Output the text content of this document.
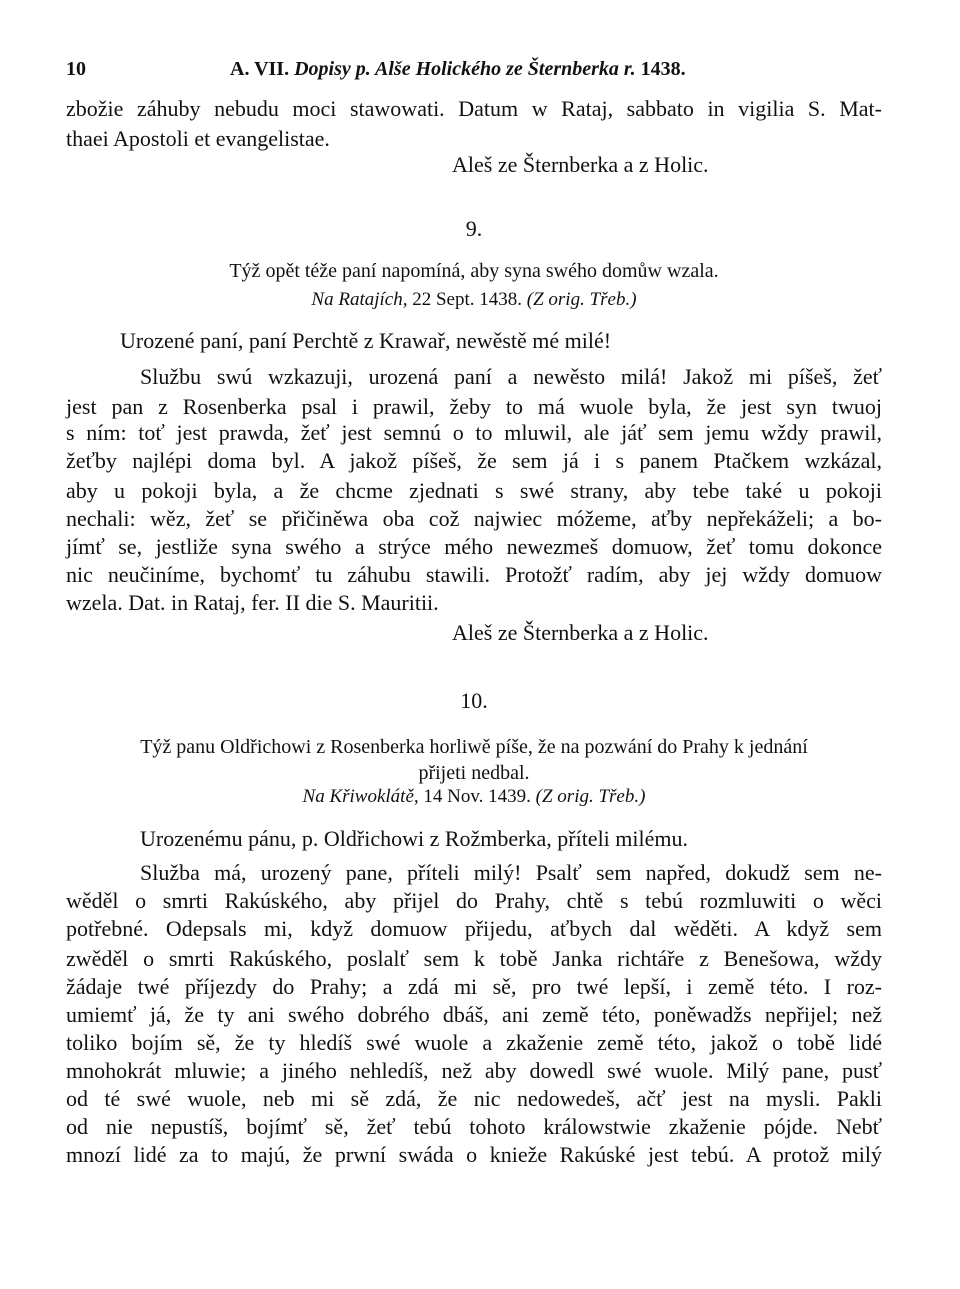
10	A. VII. Dopisy p. Alše Holického ze Šternberka r. 1438.
zbožie záhuby nebudu moci stawowati. Datum w Rataj, sabbato in vigilia S. Mat-
thaei Apostoli et evangelistae.
Aleš ze Šternberka a z Holic.
9.
Týž opět téže paní napomíná, aby syna swého domůw wzala.
Na Ratajích, 22 Sept. 1438. (Z orig. Třeb.)
Urozené paní, paní Perchtě z Krawař, newěstě mé milé!
Službu swú wzkazuji, urozená paní a newěsto milá! Jakož mi píšeš, žeť
jest pan z Rosenberka psal i prawil, žeby to má wuole byla, že jest syn twuoj
s ním: toť jest prawda, žeť jest semnú o to mluwil, ale jáť sem jemu wždy prawil,
žeťby najlépi doma byl. A jakož píšeš, že sem já i s panem Ptačkem wzkázal,
aby u pokoji byla, a že chcme zjednati s swé strany, aby tebe také u pokoji
nechali: wěz, žeť se přičiněwa oba což najwiec móžeme, aťby nepřekáželi; a bo-
jímť se, jestliže syna swého a strýce mého newezmeš domuow, žeť tomu dokonce
nic neučiníme, bychomť tu záhubu stawili. Protožť radím, aby jej wždy domuow
wzela. Dat. in Rataj, fer. II die S. Mauritii.
Aleš ze Šternberka a z Holic.
10.
Týž panu Oldřichowi z Rosenberka horliwě píše, že na pozwání do Prahy k jednání
přijeti nedbal.
Na Křiwoklátě, 14 Nov. 1439. (Z orig. Třeb.)
Urozenému pánu, p. Oldřichowi z Rožmberka, příteli milému.
Služba má, urozený pane, příteli milý! Psalť sem napřed, dokudž sem ne-
wěděl o smrti Rakúského, aby přijel do Prahy, chtě s tebú rozmluwiti o wěci
potřebné. Odepsals mi, když domuow přijedu, aťbych dal wěděti. A když sem
zwěděl o smrti Rakúského, poslalť sem k tobě Janka richtáře z Benešowa, wždy
žádaje twé příjezdy do Prahy; a zdá mi sě, pro twé lepší, i země této. I roz-
umiemť já, že ty ani swého dobrého dbáš, ani země této, poněwadžs nepřijel; než
toliko bojím sě, že ty hledíš swé wuole a zkaženie země této, jakož o tobě lidé
mnohokrát mluwie; a jiného nehledíš, než aby dowedl swé wuole. Milý pane, pusť
od té swé wuole, neb mi sě zdá, že nic nedowedeš, ačť jest na mysli. Pakli
od nie nepustíš, bojímť sě, žeť tebú tohoto králowstwie zkaženie pójde. Nebť
mnozí lidé za to majú, že prwní swáda o knieže Rakúské jest tebú. A protož milý
